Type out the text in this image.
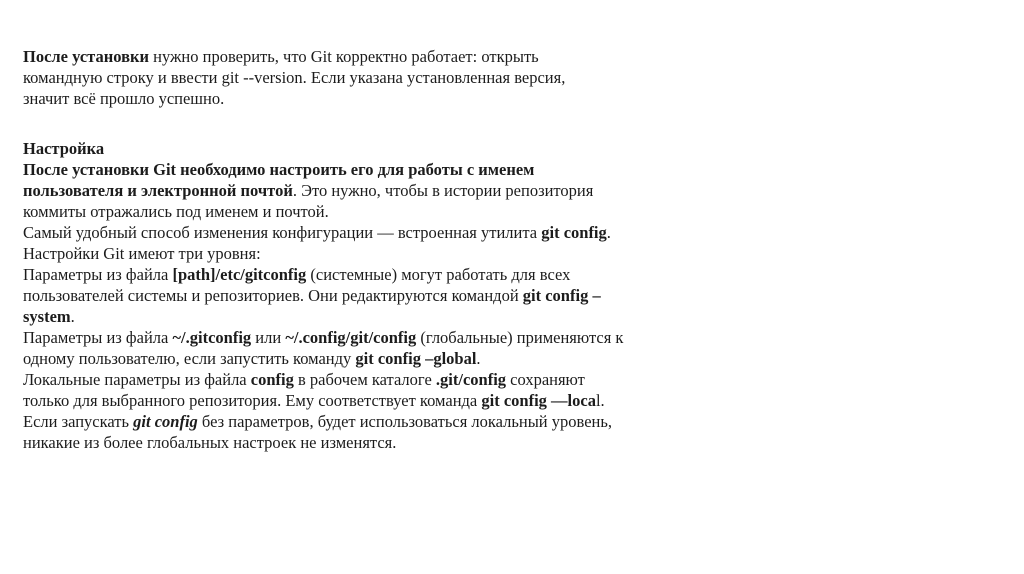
После установки нужно проверить, что Git корректно работает: открыть
командную строку и ввести git --version. Если указана установленная версия,
значит всё прошло успешно.
Настройка
После установки Git необходимо настроить его для работы с именем
пользователя и электронной почтой. Это нужно, чтобы в истории репозитория
коммиты отражались под именем и почтой.
Самый удобный способ изменения конфигурации — встроенная утилита git config.
Настройки Git имеют три уровня:
Параметры из файла [path]/etc/gitconfig (системные) могут работать для всех
пользователей системы и репозиториев. Они редактируются командой git config –
system.
Параметры из файла ~/.gitconfig или ~/.config/git/config (глобальные) применяются к
одному пользователю, если запустить команду git config –global.
Локальные параметры из файла config в рабочем каталоге .git/config сохраняют
только для выбранного репозитория. Ему соответствует команда git config —local.
Если запускать git config без параметров, будет использоваться локальный уровень,
никакие из более глобальных настроек не изменятся.
